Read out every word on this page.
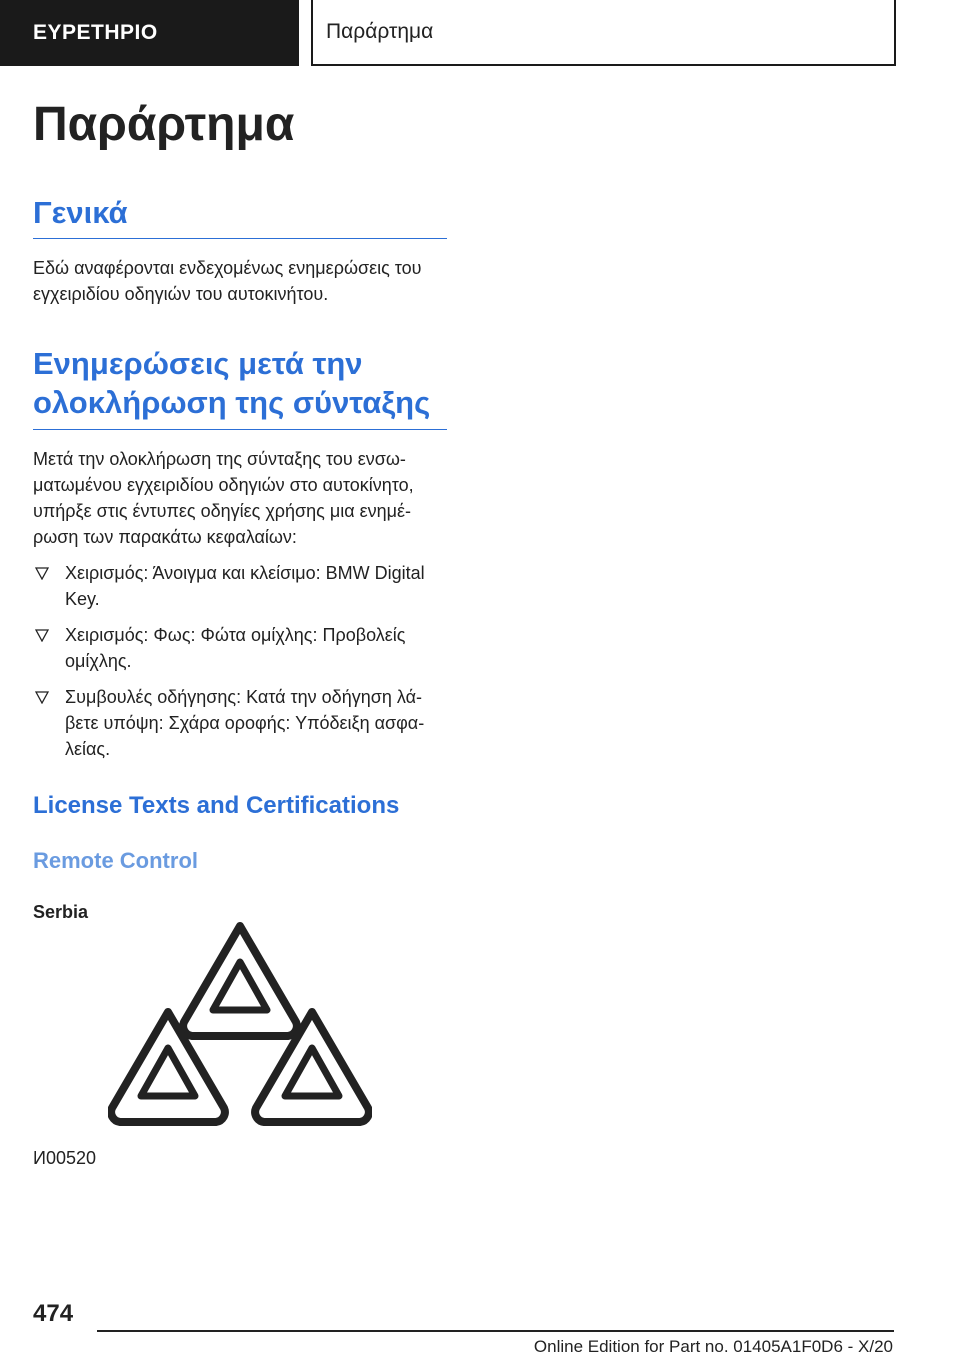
ΕΥΡΕΤΗΡΙΟ	Παράρτημα
Παράρτημα
Γενικά

Εδώ αναφέρονται ενδεχομένως ενημερώσεις του εγχειριδίου οδηγιών του αυτοκινήτου.

Ενημερώσεις μετά την
ολοκλήρωση της σύνταξης

Μετά την ολοκλήρωση της σύνταξης του ενσωματωμένου εγχειριδίου οδηγιών στο αυτοκίνητο, υπήρξε στις έντυπες οδηγίες χρήσης μια ενημέρωση των παρακάτω κεφαλαίων:

Χειρισμός: Άνοιγμα και κλείσιμο: BMW Digital Key.
Χειρισμός: Φως: Φώτα ομίχλης: Προβολείς ομίχλης.
Συμβουλές οδήγησης: Κατά την οδήγηση λάβετε υπόψη: Σχάρα οροφής: Υπόδειξη ασφαλείας.
License Texts and Certifications
Remote Control
Serbia
И00520
474
Online Edition for Part no. 01405A1F0D6 - X/20
